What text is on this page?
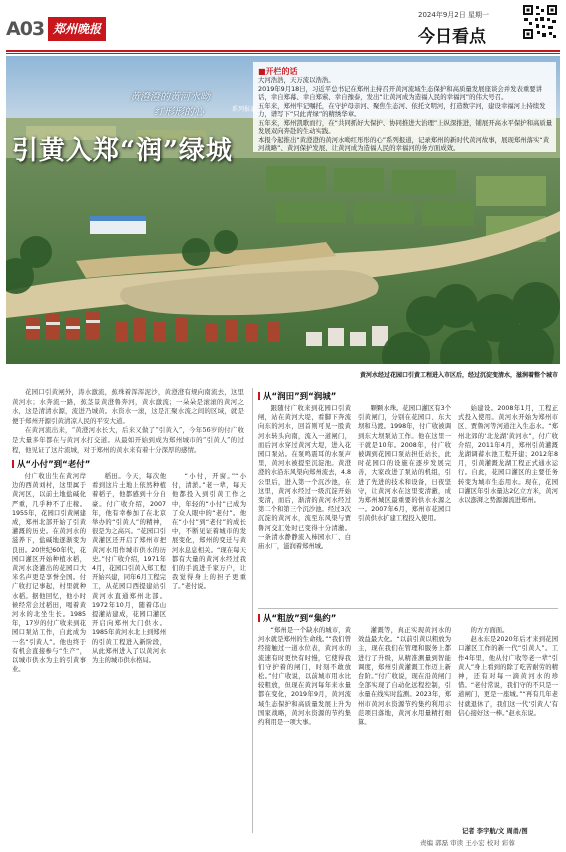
A03 郑州晚报
2024年9月2日 星期一
今日看点
■开栏的话
大河浩浩，天万流以浩浩。
2019年9月18日，习近平总书记在郑州主持召开黄河流域生态保护和高质量发展座谈会并发表重要讲话，幸自郑幕、幸自郑萦、幸自豫泰，发出“让黄河成为造福人民的幸福河”的伟大号召。
五年来，郑州牢记嘱托，在守护母亲河、聚焦生态河、依托文明河，打造数字河，建设幸福河上持续发力，谱写下“只此青绿”的精绣华章。
五年来，郑州凯歌而行，在“共同抓好大保护、协同推进大治理”上纵深推进，铺展开高水平保护和高质量发展双向奔赴的生动实践。
本报今起推出“黄澄澄的黄河水呦红彤彤的心”系列报道，记录郑州的新时代黄河故事，展现郑州落实“黄河战略”、黄河保护发展、让黄河成为造福人民的幸福河的务方面成效。
黄澄澄的黄河水呦
红形形的心	系列报道
引黄入郑“润”绿城
黄河水经过花园口引黄工程进入市区后，经过沉淀变清水，滋润着整个城市

花园口引黄闸外，涛水激流，蕉珠着浑浑泥沙，黄澄澄有规向南流去，这里黄河水；水奔流一路，蕉茎景黄澄鲁奔河，黄水激流；一朵朵是滚滚的黄河之水，这是清清水源，流进乃城黄。水资水一滚，这是汇聚水流之间的区域，就是便于郑州开源引黄清凉人民的平安大道。

在黄河流出来，“黄澄河水长大，后来又做了“引黄入”，今年56岁的付广收是大量多年都在与黄河水打交道。从最如开始到成为郑州城市的“引黄人”的过程，他见证了这片流城，对于郑州的黄水来有着十分深厚的感情。

从“小付”到“老付”

付广收出生在黄河岸边的西黄刘村，这里属于黄河区，以前土地盐碱化严重，几乎种不了庄稼。1955年，花园口引黄闸建成，郑州北部开始了引黄灌溉的历史。在黄河水的滋养下，盐碱地逐渐变为良田。20世纪60年代，花园口灌区开始种植水稻，黄河水浇灌出的花园口大米名声更是享誉全国。付广收打记事起，村里就种水稻。据他回忆，他小时候经常会过稻田，喝着黄河水的北坐生长。1985年，17岁的付广收来到花园口泵站工作，自此成为一名“引黄人”。他也终于有机会直接参与“生产”，以城市供水为主的引黄事业。

稻田。今天，每次他看到这片土地上依然种植着稻子，他都感到十分自豪。付广收介绍，2007年，他有幸参加了在北京举办的“引黄人”的精神，很是为之高兴。“花园口引黄灌区还开启了郑州市把黄河水用作城市供水的历史。”付广收介绍，1971年4月，花园口引黄入郑工程开始兴建，同年6月工程完工，从花园口西提建站引黄河水直通郑州北部。1972年10月，随着邙山提灌站建成，花园口灌区开启向郑州大门供水。1985年黄河水北上到郑州的引黄工程进入新阶段，从此郑州进入了以黄河水为主的城市供水格局。

“小付，开窗。”“小付，清淤。”老一辈，每天他都投入到引黄工作之中，年轻的“小付”已成为了众人眼中的“老付”。他在“小付”到“老付”的成长中，不断见证着城市的发展变化，郑州的变迁与黄河水息息相关。“现在每天都有大量的黄河水经过我们的手流进千家万户，让我觉得身上的担子更重了。”老付说。

从“润田”到“润城”

跟随付广收来到花园口引黄闸，站在黄河大堤，看脚下奔流向东的河水，回首则可见一股黄河水转头向南，流入一道闸门，而后河水穿过黄河大堤，进入花园口泵站。在泵鸣震耳的水泵声里，黄河水被提至沉淀池。黄澄澄的水沿东风渠向郑州流去，4.8公里后，进入第一个沉沙池，在这里，黄河水经过一级沉淀开始变清，而后，渐清的黄河水经过第二个和第三个沉沙池。经过3次沉淀的黄河水，流至东风渠与贾鲁河交汇处时已变得十分清澈。一条清水静静流入柿园水厂、白庙水厂，滋润着郑州城。

颗颗水珠。花园口灌区有3个引黄闸门，分别在花园口、东大坝和马渡。1998年，付广收被调到东大坝泵站工作。他在这里一干就是10年。2008年，付广收被调到花园口泵站担任站长，此时花园口的设施在逐步发展完善，大家改进了泵站的机组，引进了先进的技术和设备，日夜坚守，让黄河水在这里变清澈，成为郑州城区最重要的供水水源之一。2007年6月，郑州市花园口引黄供水扩建工程投入使用。

始建设。2008年1月，工程正式投入使用。黄河水开始为郑州市区、贾鲁河等河道注入生态水。“郑州北郊的‘北龙湖’黄河水”，付广收介绍，2011年4月，郑州引黄灌溉龙湖调蓄水池工程开建；2012年8月，引黄灌溉龙湖工程正式通水运行。自此，花园口灌区的主要任务转变为城市生态用水。现在，花园口灌区年引水量达2亿立方米，黄河水以澎湃之势源源流进郑州。

从“粗放”到“集约”

“郑州是一个缺水的城市，黄河水就是郑州的生命线。”“我们曾经接触过一道水位表，黄河水的流速有时更快有时慢，它使得我们守护着的闸门，时刻不敢放松。”付广收说，以前城市用水比较粗放，但现在黄河每年来水量都在变化，2019年9月，黄河流域生态保护和高质量发展上升为国家战略，黄河水资源的节约集约利用是一项大事。

灌溉等，真正实现黄河水的效益最大化。“以前引黄以粗放为主，现在我们在管理和服务上都进行了升级，从精准测量到智能调度，郑州引黄灌溉工作迈上新台阶。”付广收说，现在沿黄闸门全部实现了自动化远程控制，引水量在线实时监测。2023年，郑州市黄河水资源节约集约利用示范项目落地，黄河水用量精打细算。

的方方面面。

赵永东是2020年后才来到花园口灌区工作的新一代“引黄人”。工作4年里，他从付广收等老一辈“引黄人”身上看到的除了吃苦耐劳的精神，还有对每一滴黄河水的珍惜。“老付常说，我们守的不只是一道闸门，更是一座城。”“再有几年老付就退休了，我们这一代‘引黄人’有信心接好这一棒。”赵永东说。

记者 李宇航/文 周甬/图
责编 郭磊 审读 王小宏 校对 彩蓉
